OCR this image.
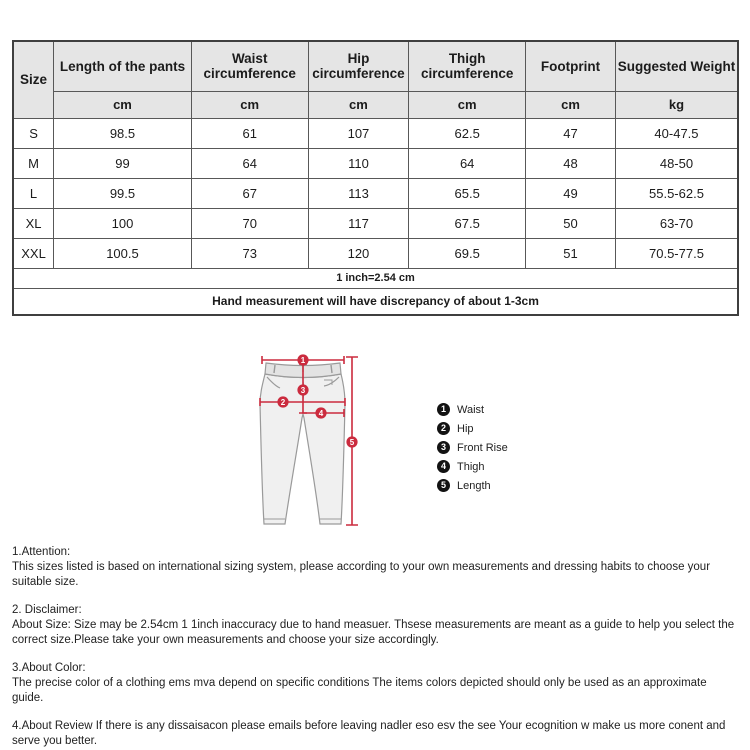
Size	Length of the pants	Waist circumference	Hip circumference	Thigh circumference	Footprint	Suggested Weight
	cm	cm	cm	cm	cm	kg
S	98.5	61	107	62.5	47	40-47.5
M	99	64	110	64	48	48-50
L	99.5	67	113	65.5	49	55.5-62.5
XL	100	70	117	67.5	50	63-70
XXL	100.5	73	120	69.5	51	70.5-77.5
1 inch=2.54 cm						
Hand measurement will have discrepancy of about 1-3cm						
1
2
3
4
5
1	Waist
2	Hip
3	Front Rise
4	Thigh
5	Length
1.Attention:
This sizes listed is based on international sizing system, please according to your own measurements and dressing habits to choose your suitable size.
2. Disclaimer:
About Size: Size may be 2.54cm 1 1inch inaccuracy due to hand measuer. Thsese measurements are meant as a guide to help you select the correct size.Please take your own measurements and choose your size accordingly.
3.About Color:
The precise color of a clothing ems mva depend on specific conditions The items colors depicted should only be used as an approximate guide.
4.About Review If there is any dissaisacon please emails before leaving nadler eso esv the see Your ecognition w make us more conent and serve you better.
